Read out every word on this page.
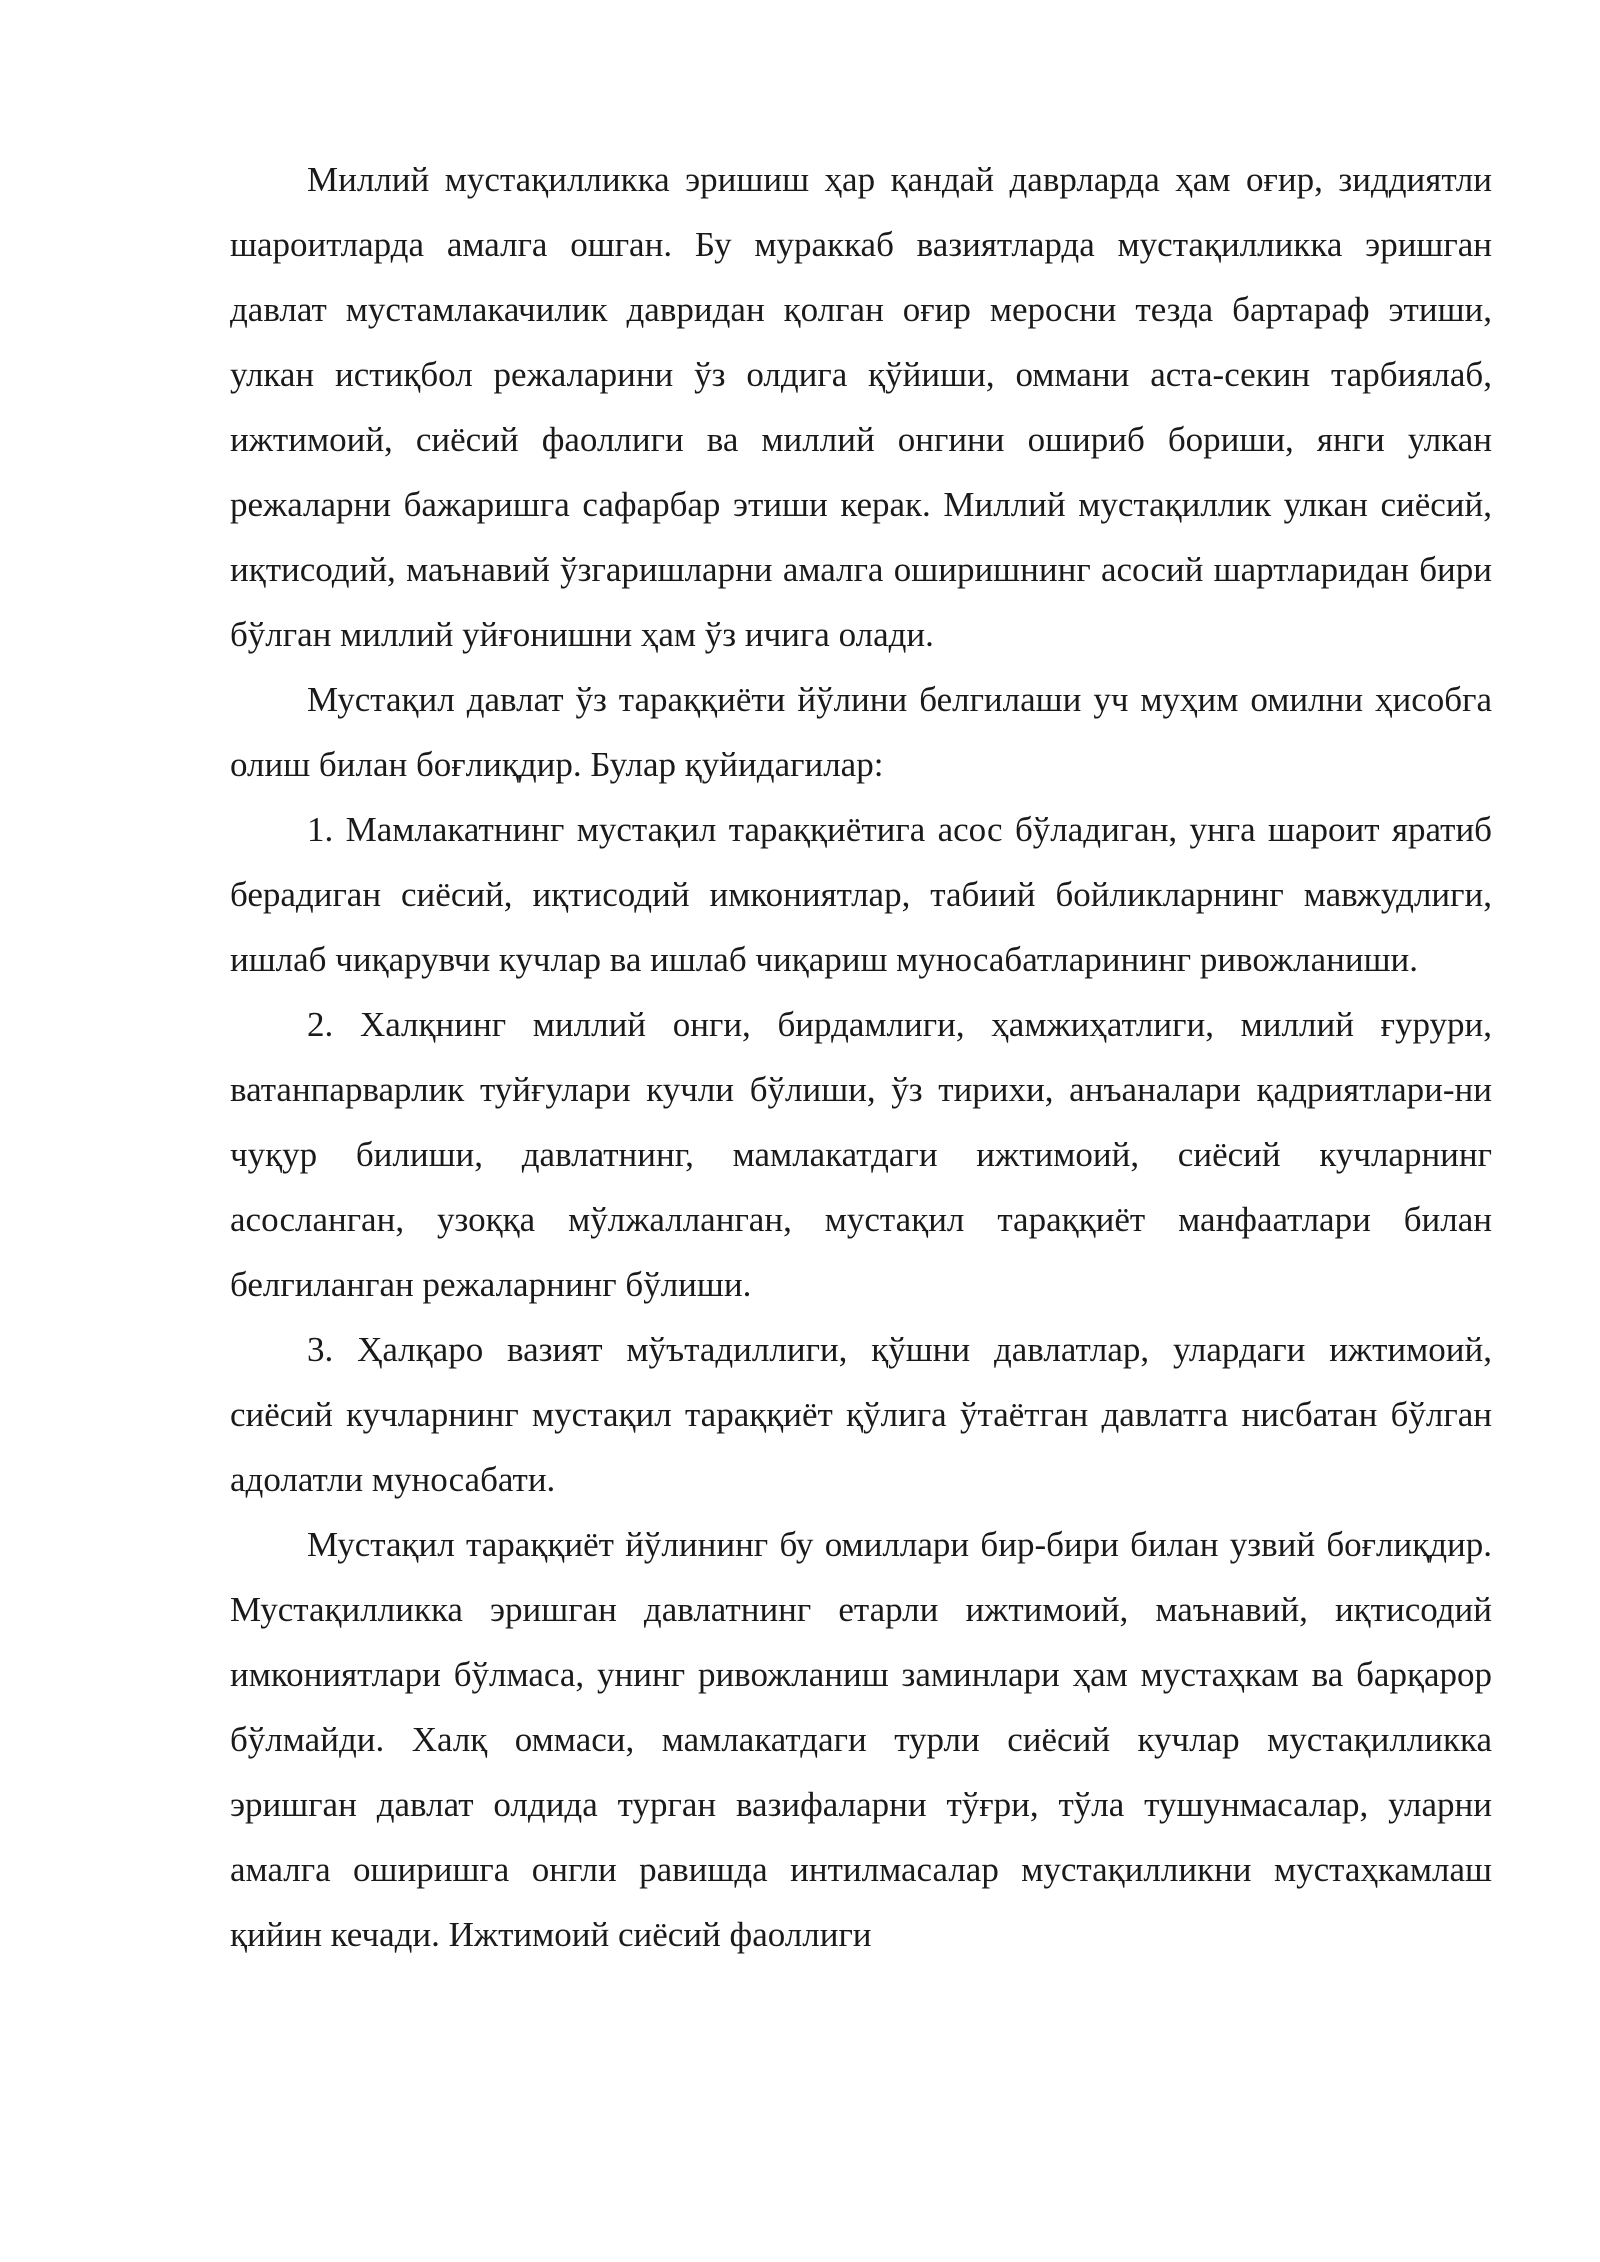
Миллий мустақилликка эришиш ҳар қандай даврларда ҳам оғир, зиддиятли шароитларда амалга ошган. Бу мураккаб вазиятларда мустақилликка эришган давлат мустамлакачилик давридан қолган оғир меросни тезда бартараф этиши, улкан истиқбол режаларини ўз олдига қўйиши, оммани аста-секин тарбиялаб, ижтимоий, сиёсий фаоллиги ва миллий онгини ошириб бориши, янги улкан режаларни бажаришга сафарбар этиши керак. Миллий мустақиллик улкан сиёсий, иқтисодий, маънавий ўзгаришларни амалга оширишнинг асосий шартларидан бири бўлган миллий уйғонишни ҳам ўз ичига олади.

Мустақил давлат ўз тараққиёти йўлини белгилаши уч муҳим омилни ҳисобга олиш билан боғлиқдир. Булар қуйидагилар:

1. Мамлакатнинг мустақил тараққиётига асос бўладиган, унга шароит яратиб берадиган сиёсий, иқтисодий имкониятлар, табиий бойликларнинг мавжудлиги, ишлаб чиқарувчи кучлар ва ишлаб чиқариш муносабатларининг ривожланиши.

2. Халқнинг миллий онги, бирдамлиги, ҳамжиҳатлиги, миллий ғурури, ватанпарварлик туйғулари кучли бўлиши, ўз тирихи, анъаналари қадриятлари-ни чуқур билиши, давлатнинг, мамлакатдаги ижтимоий, сиёсий кучларнинг асосланган, узоққа мўлжалланган, мустақил тараққиёт манфаатлари билан белгиланган режаларнинг бўлиши.

3. Ҳалқаро вазият мўътадиллиги, қўшни давлатлар, улардаги ижтимоий, сиёсий кучларнинг мустақил тараққиёт қўлига ўтаётган давлатга нисбатан бўлган адолатли муносабати.

Мустақил тараққиёт йўлининг бу омиллари бир-бири билан узвий боғлиқдир. Мустақилликка эришган давлатнинг етарли ижтимоий, маънавий, иқтисодий имкониятлари бўлмаса, унинг ривожланиш заминлари ҳам мустаҳкам ва барқарор бўлмайди. Халқ оммаси, мамлакатдаги турли сиёсий кучлар мустақилликка эришган давлат олдида турган вазифаларни тўғри, тўла тушунмасалар, уларни амалга оширишга онгли равишда интилмасалар мустақилликни мустаҳкамлаш қийин кечади. Ижтимоий сиёсий фаоллиги
